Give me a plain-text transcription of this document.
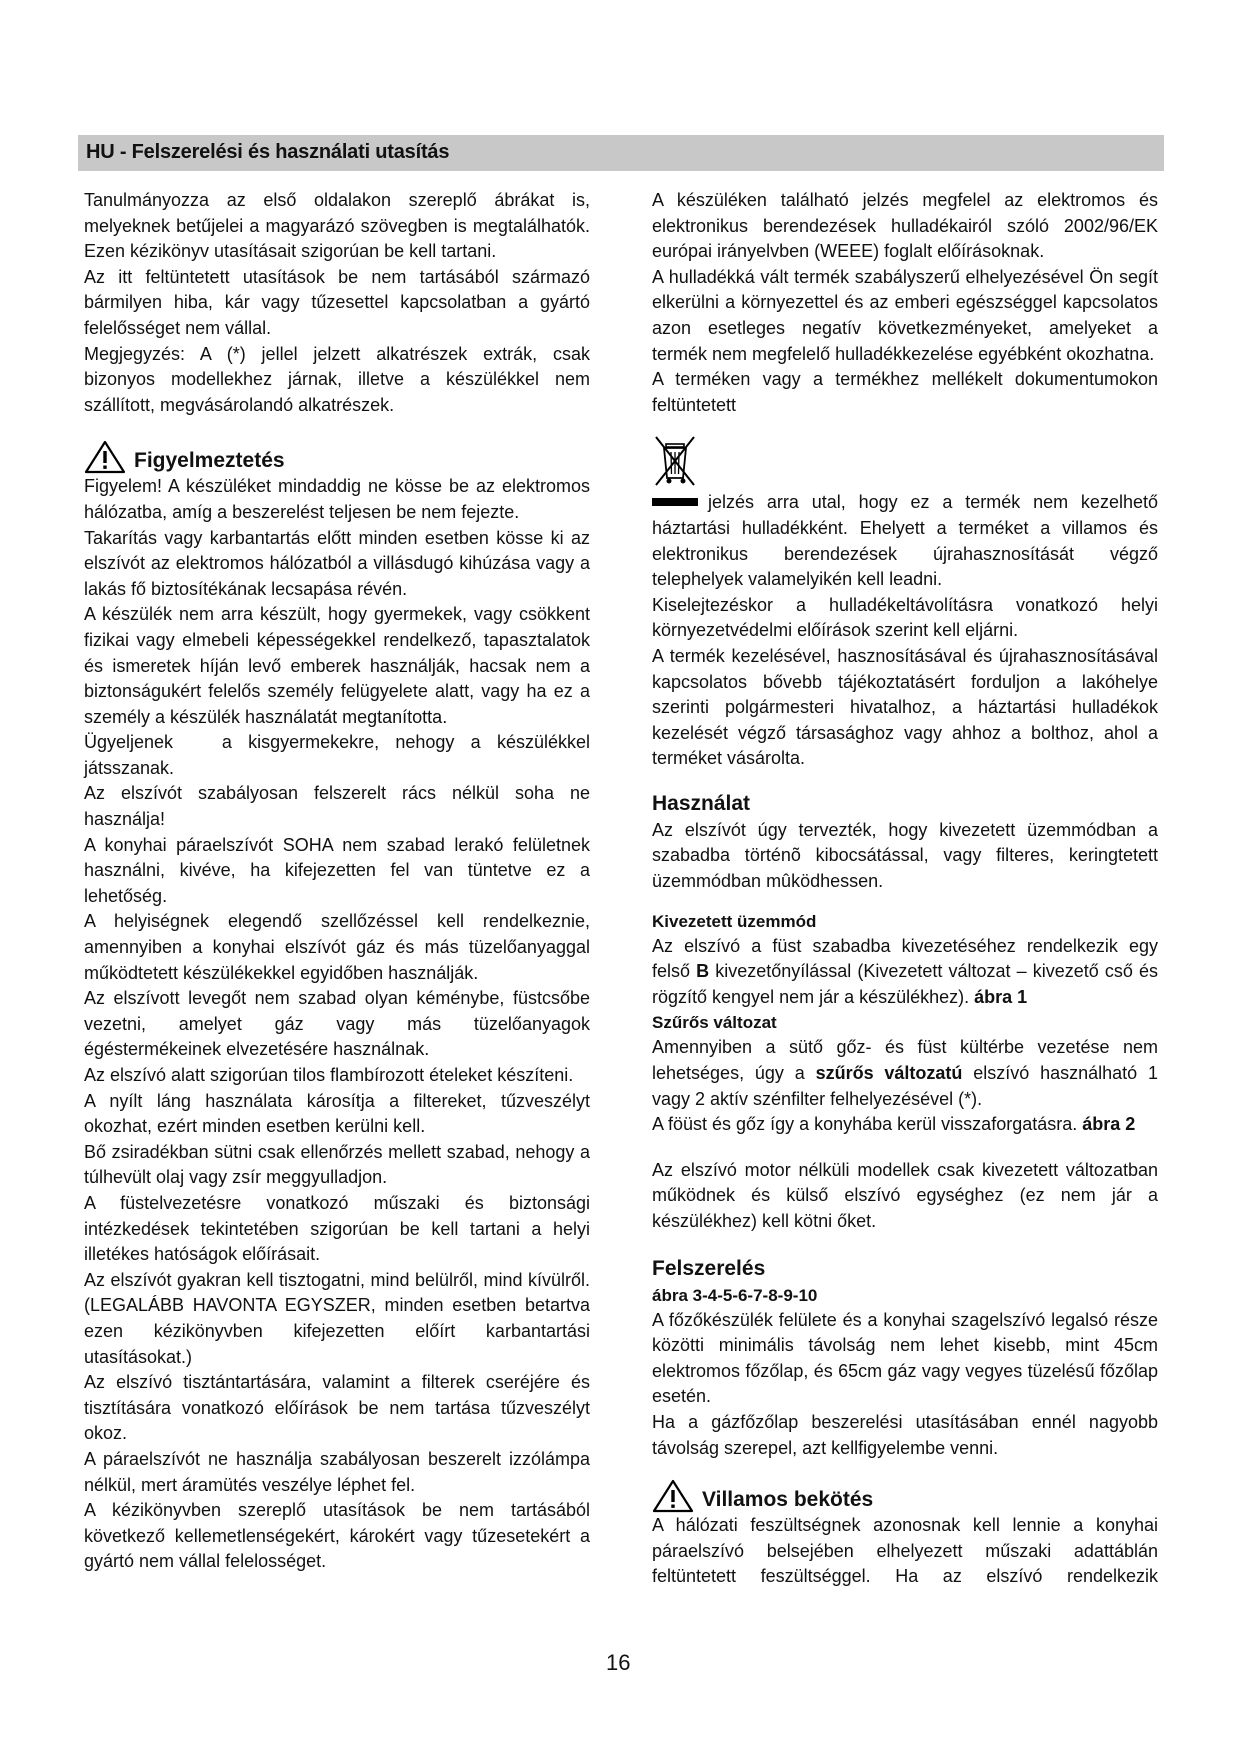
HU - Felszerelési és használati utasítás

Tanulmányozza az első oldalakon szereplő ábrákat is, melyeknek betűjelei a magyarázó szövegben is megtalálhatók. Ezen kézikönyv utasításait szigorúan be kell tartani.

Az itt feltüntetett utasítások be nem tartásából származó bármilyen hiba, kár vagy tűzesettel kapcsolatban a gyártó felelősséget nem vállal.

Megjegyzés: A (*) jellel jelzett alkatrészek extrák, csak bizonyos modellekhez járnak, illetve a készülékkel nem szállított, megvásárolandó alkatrészek.

Figyelmeztetés

Figyelem! A készüléket mindaddig ne kösse be az elektromos hálózatba, amíg a beszerelést teljesen be nem fejezte.

Takarítás vagy karbantartás előtt minden esetben kösse ki az elszívót az elektromos hálózatból a villásdugó kihúzása vagy a lakás fő biztosítékának lecsapása révén.

A készülék nem arra készült, hogy gyermekek, vagy csökkent fizikai vagy elmebeli képességekkel rendelkező, tapasztalatok és ismeretek híján levő emberek használják, hacsak nem a biztonságukért felelős személy felügyelete alatt, vagy ha ez a személy a készülék használatát megtanította.

Ügyeljenek   a kisgyermekekre, nehogy a készülékkel játsszanak.

Az elszívót szabályosan felszerelt rács nélkül soha ne használja!

A konyhai páraelszívót SOHA nem szabad lerakó felületnek használni, kivéve, ha kifejezetten fel van tüntetve ez a lehetőség.

A helyiségnek elegendő szellőzéssel kell rendelkeznie, amennyiben a konyhai elszívót gáz és más tüzelőanyaggal működtetett készülékekkel egyidőben használják.

Az elszívott levegőt nem szabad olyan kéménybe, füstcsőbe vezetni, amelyet gáz vagy más tüzelőanyagok égéstermékeinek elvezetésére használnak.

Az elszívó alatt szigorúan tilos flambírozott ételeket készíteni.

A nyílt láng használata károsítja a filtereket, tűzveszélyt okozhat, ezért minden esetben kerülni kell.

Bő zsiradékban sütni csak ellenőrzés mellett szabad, nehogy a túlhevült olaj vagy zsír meggyulladjon.

A füstelvezetésre vonatkozó műszaki és biztonsági intézkedések tekintetében szigorúan be kell tartani a helyi illetékes hatóságok előírásait.

Az elszívót gyakran kell tisztogatni, mind belülről, mind kívülről. (LEGALÁBB HAVONTA EGYSZER, minden esetben betartva ezen kézikönyvben kifejezetten előírt karbantartási utasításokat.)

Az elszívó tisztántartására, valamint a filterek cseréjére és tisztítására vonatkozó előírások be nem tartása tűzveszélyt okoz.

A páraelszívót ne használja szabályosan beszerelt izzólámpa nélkül, mert áramütés veszélye léphet fel.

A kézikönyvben szereplő utasítások be nem tartásából következő kellemetlenségekért, károkért vagy tűzesetekért a gyártó nem vállal felelosséget.

A készüléken található jelzés megfelel az elektromos és elektronikus berendezések hulladékairól szóló 2002/96/EK európai irányelvben (WEEE) foglalt előírásoknak.

A hulladékká vált termék szabályszerű elhelyezésével Ön segít elkerülni a környezettel és az emberi egészséggel kapcsolatos azon esetleges negatív következményeket, amelyeket a termék nem megfelelő hulladékkezelése egyébként okozhatna.

A terméken vagy a termékhez mellékelt dokumentumokon feltüntetett

jelzés arra utal, hogy ez a termék nem kezelhető háztartási hulladékként. Ehelyett a terméket a villamos és elektronikus berendezések újrahasznosítását végző telephelyek valamelyikén kell leadni.

Kiselejtezéskor a hulladékeltávolításra vonatkozó helyi környezetvédelmi előírások szerint kell eljárni.

A termék kezelésével, hasznosításával és újrahasznosításával kapcsolatos bővebb tájékoztatásért forduljon a lakóhelye szerinti polgármesteri hivatalhoz, a háztartási hulladékok kezelését végző társasághoz vagy ahhoz a bolthoz, ahol a terméket vásárolta.

Használat

Az elszívót úgy tervezték, hogy kivezetett üzemmódban a szabadba történõ kibocsátással, vagy filteres, keringtetett üzemmódban mûködhessen.

Kivezetett üzemmód

Az elszívó a füst szabadba kivezetéséhez rendelkezik egy felső B kivezetőnyílással (Kivezetett változat – kivezető cső és rögzítő kengyel nem jár a készülékhez). ábra 1

Szűrős változat

Amennyiben a sütő gőz- és füst kültérbe vezetése nem lehetséges, úgy a szűrős változatú elszívó használható 1 vagy 2 aktív szénfilter felhelyezésével (*).

A föüst és gőz így a konyhába kerül visszaforgatásra. ábra 2

Az elszívó motor nélküli modellek csak kivezetett változatban működnek és külső elszívó egységhez (ez nem jár a készülékhez) kell kötni őket.

Felszerelés
ábra 3-4-5-6-7-8-9-10

A főzőkészülék felülete és a konyhai szagelszívó legalsó része közötti minimális távolság nem lehet kisebb, mint 45cm elektromos főzőlap, és 65cm gáz vagy vegyes tüzelésű főzőlap esetén.

Ha a gázfőzőlap beszerelési utasításában ennél nagyobb távolság szerepel, azt kellfigyelembe venni.

Villamos bekötés

A hálózati feszültségnek azonosnak kell lennie a konyhai páraelszívó belsejében elhelyezett műszaki adattáblán feltüntetett feszültséggel. Ha az elszívó rendelkezik

16
